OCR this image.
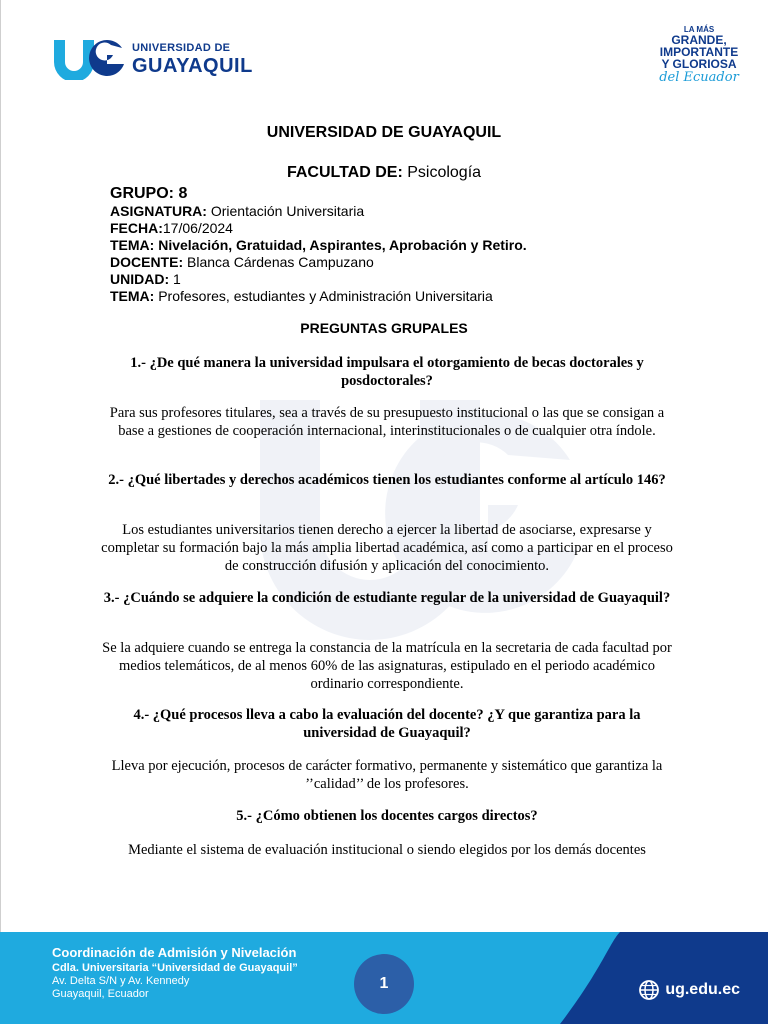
UNIVERSIDAD DE
GUAYAQUIL
LA MÁS
GRANDE,
IMPORTANTE
Y GLORIOSA
del Ecuador
UNIVERSIDAD DE GUAYAQUIL
FACULTAD DE: Psicología
GRUPO: 8
ASIGNATURA: Orientación Universitaria
FECHA:17/06/2024
TEMA: Nivelación, Gratuidad, Aspirantes, Aprobación y Retiro.
DOCENTE: Blanca Cárdenas Campuzano
UNIDAD: 1
TEMA: Profesores, estudiantes y Administración Universitaria
PREGUNTAS GRUPALES
1.- ¿De qué manera la universidad impulsara el otorgamiento de becas doctorales y posdoctorales?
Para sus profesores titulares, sea a través de su presupuesto institucional o las que se consigan a base a gestiones de cooperación internacional, interinstitucionales o de cualquier otra índole.
2.- ¿Qué libertades y derechos académicos tienen los estudiantes conforme al artículo 146?
Los estudiantes universitarios tienen derecho a ejercer la libertad de asociarse, expresarse y completar su formación bajo la más amplia libertad académica, así como a participar en el proceso de construcción difusión y aplicación del conocimiento.
3.- ¿Cuándo se adquiere la condición de estudiante regular de la universidad de Guayaquil?
Se la adquiere cuando se entrega la constancia de la matrícula en la secretaria de cada facultad por medios telemáticos, de al menos 60% de las asignaturas, estipulado en el periodo académico ordinario correspondiente.
4.- ¿Qué procesos lleva a cabo la evaluación del docente? ¿Y que garantiza para la universidad de Guayaquil?
Lleva por ejecución, procesos de carácter formativo, permanente y sistemático que garantiza la ’’calidad’’ de los profesores.
5.- ¿Cómo obtienen los docentes cargos directos?
Mediante el sistema de evaluación institucional o siendo elegidos por los demás docentes
Coordinación de Admisión y Nivelación
Cdla. Universitaria “Universidad de Guayaquil”
Av. Delta S/N y Av. Kennedy
Guayaquil, Ecuador
1	ug.edu.ec
